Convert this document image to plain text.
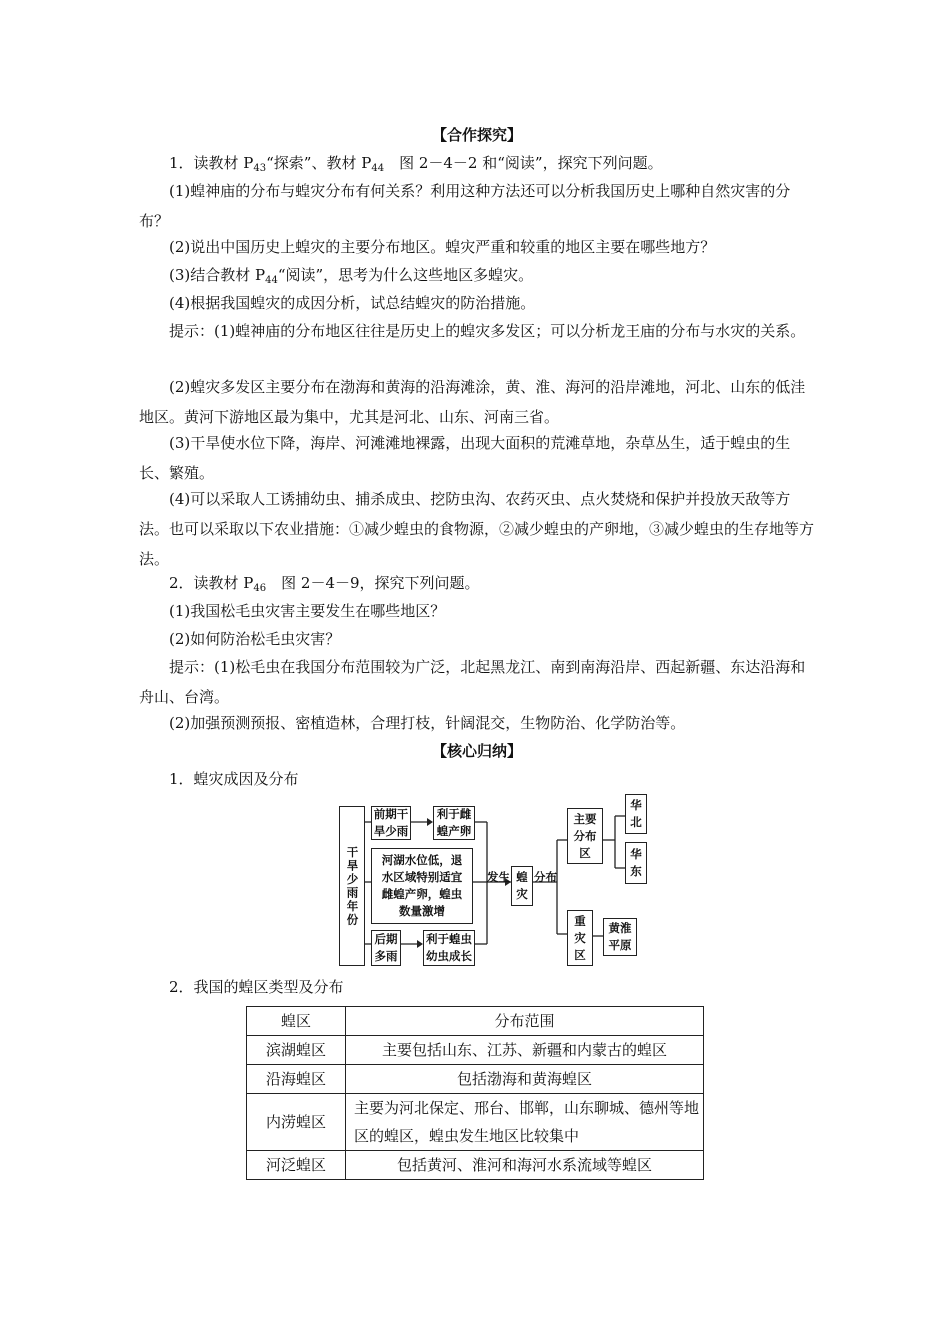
【合作探究】

1．读教材 $P_{43}“$探索”、教材 $P_{44}$　图 2－4－2 和“阅读”，探究下列问题。

(1)蝗神庙的分布与蝗灾分布有何关系？利用这种方法还可以分析我国历史上哪种自然灾害的分布？

(2)说出中国历史上蝗灾的主要分布地区。蝗灾严重和较重的地区主要在哪些地方？

(3)结合教材 $P_{44}“$阅读”，思考为什么这些地区多蝗灾。

(4)根据我国蝗灾的成因分析，试总结蝗灾的防治措施。

提示：(1)蝗神庙的分布地区往往是历史上的蝗灾多发区；可以分析龙王庙的分布与水灾的关系。

(2)蝗灾多发区主要分布在渤海和黄海的沿海滩涂，黄、淮、海河的沿岸滩地，河北、山东的低洼地区。黄河下游地区最为集中，尤其是河北、山东、河南三省。

(3)干旱使水位下降，海岸、河滩滩地裸露，出现大面积的荒滩草地，杂草丛生，适于蝗虫的生长、繁殖。

(4)可以采取人工诱捕幼虫、捕杀成虫、挖防虫沟、农药灭虫、点火焚烧和保护并投放天敌等方法。也可以采取以下农业措施：①减少蝗虫的食物源，②减少蝗虫的产卵地，③减少蝗虫的生存地等方法。

2．读教材 $P_{46}$　图 2－4－9，探究下列问题。

(1)我国松毛虫灾害主要发生在哪些地区？

(2)如何防治松毛虫灾害？

提示：(1)松毛虫在我国分布范围较为广泛，北起黑龙江、南到南海沿岸、西起新疆、东达沿海和舟山、台湾。

(2)加强预测预报、密植造林，合理打枝，针阔混交，生物防治、化学防治等。

【核心归纳】

1．蝗灾成因及分布

干旱少雨年份
前期干
旱少雨
利于雌
蝗产卵
河湖水位低，退
水区域特别适宜
雌蝗产卵，蝗虫
数量激增
后期
多雨
利于蝗虫
幼虫成长
发生 蝗
灾
分布
主要
分布
区
华
北
华
东
重
灾
区
黄淮
平原

2．我国的蝗区类型及分布

蝗区	分布范围
滨湖蝗区	主要包括山东、江苏、新疆和内蒙古的蝗区
沿海蝗区	包括渤海和黄海蝗区
内涝蝗区	主要为河北保定、邢台、邯郸，山东聊城、德州等地区的蝗区，蝗虫发生地区比较集中
河泛蝗区	包括黄河、淮河和海河水系流域等蝗区
